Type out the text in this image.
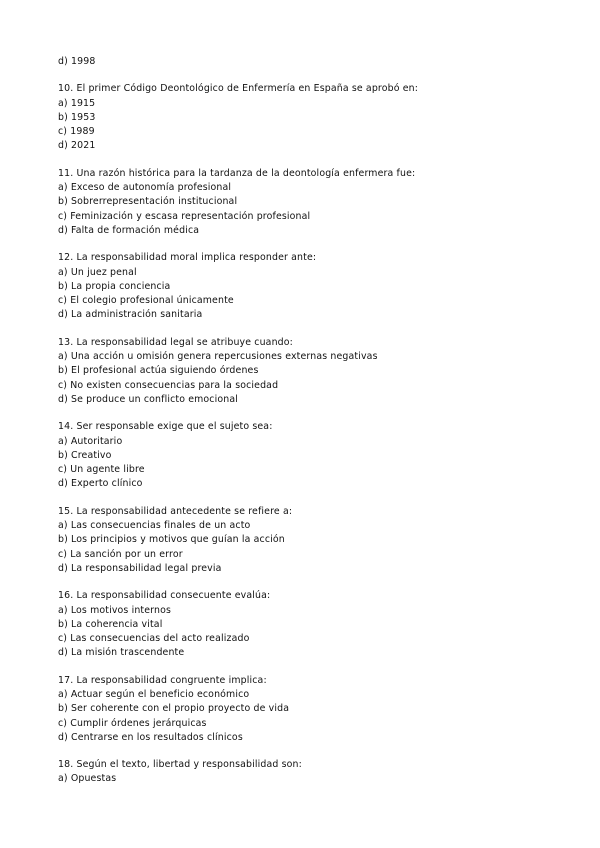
d) 1998
10. El primer Código Deontológico de Enfermería en España se aprobó en:
a) 1915
b) 1953
c) 1989
d) 2021
11. Una razón histórica para la tardanza de la deontología enfermera fue:
a) Exceso de autonomía profesional
b) Sobrerrepresentación institucional
c) Feminización y escasa representación profesional
d) Falta de formación médica
12. La responsabilidad moral implica responder ante:
a) Un juez penal
b) La propia conciencia
c) El colegio profesional únicamente
d) La administración sanitaria
13. La responsabilidad legal se atribuye cuando:
a) Una acción u omisión genera repercusiones externas negativas
b) El profesional actúa siguiendo órdenes
c) No existen consecuencias para la sociedad
d) Se produce un conflicto emocional
14. Ser responsable exige que el sujeto sea:
a) Autoritario
b) Creativo
c) Un agente libre
d) Experto clínico
15. La responsabilidad antecedente se refiere a:
a) Las consecuencias finales de un acto
b) Los principios y motivos que guían la acción
c) La sanción por un error
d) La responsabilidad legal previa
16. La responsabilidad consecuente evalúa:
a) Los motivos internos
b) La coherencia vital
c) Las consecuencias del acto realizado
d) La misión trascendente
17. La responsabilidad congruente implica:
a) Actuar según el beneficio económico
b) Ser coherente con el propio proyecto de vida
c) Cumplir órdenes jerárquicas
d) Centrarse en los resultados clínicos
18. Según el texto, libertad y responsabilidad son:
a) Opuestas
